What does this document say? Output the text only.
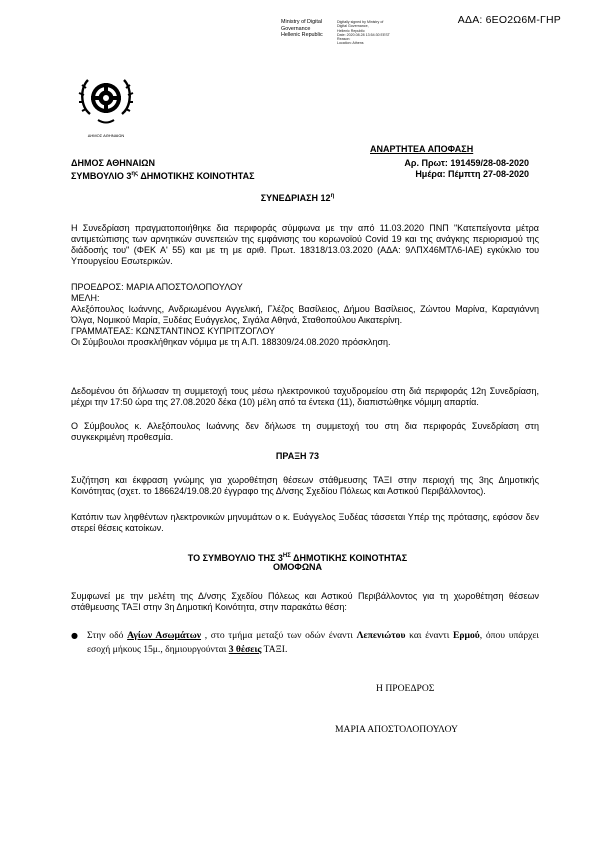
ΑΔΑ: 6ΕΟ2Ω6Μ-ΓΗΡ
Ministry of Digital
Governance
Hellenic Republic
Digitally signed by Ministry of
Digital Governance,
Hellenic Republic
Date: 2020.08.28 13:54:30 EEST
Reason:
Location: Athens
ΔΗΜΟΣ ΑΘΗΝΑΙΩΝ
ΑΝΑΡΤΗΤΕΑ ΑΠΟΦΑΣΗ
ΔΗΜΟΣ ΑΘΗΝΑΙΩΝ
ΣΥΜΒΟΥΛΙΟ $3^{\eta\varsigma}$ ΔΗΜΟΤΙΚΗΣ ΚΟΙΝΟΤΗΤΑΣ
Αρ. Πρωτ: 191459/28-08-2020
Ημέρα: Πέμπτη 27-08-2020
ΣΥΝΕΔΡΙΑΣΗ $12^\eta$
Η Συνεδρίαση πραγματοποιήθηκε δια περιφοράς σύμφωνα με την από 11.03.2020 ΠΝΠ "Κατεπείγοντα μέτρα αντιμετώπισης των αρνητικών συνεπειών της εμφάνισης του κορωνοϊού Covid 19 και της ανάγκης περιορισμού της διάδοσής του" (ΦΕΚ Α' 55) και με τη με αριθ. Πρωτ. 18318/13.03.2020 (ΑΔΑ: 9ΛΠΧ46ΜΤΛ6-ΙΑΕ) εγκύκλιο του Υπουργείου Εσωτερικών.
ΠΡΟΕΔΡΟΣ: ΜΑΡΙΑ ΑΠΟΣΤΟΛΟΠΟΥΛΟΥ
ΜΕΛΗ:
Αλεξόπουλος Ιωάννης, Ανδριωμένου Αγγελική, Γλέζος Βασίλειος, Δήμου Βασίλειος, Ζώντου Μαρίνα, Καραγιάννη Όλγα, Νομικού Μαρία, Ξυδέας Ευάγγελος, Σιγάλα Αθηνά, Σταθοπούλου Αικατερίνη.
ΓΡΑΜΜΑΤΕΑΣ: ΚΩΝΣΤΑΝΤΙΝΟΣ ΚΥΠΡΙΤΖΟΓΛΟΥ
Οι Σύμβουλοι προσκλήθηκαν νόμιμα με τη Α.Π. 188309/24.08.2020 πρόσκληση.
Δεδομένου ότι δήλωσαν τη συμμετοχή τους μέσω ηλεκτρονικού ταχυδρομείου στη διά περιφοράς 12η Συνεδρίαση, μέχρι την 17:50 ώρα της 27.08.2020 δέκα (10) μέλη από τα έντεκα (11), διαπιστώθηκε νόμιμη απαρτία.
Ο Σύμβουλος κ. Αλεξόπουλος Ιωάννης δεν δήλωσε τη συμμετοχή του στη δια περιφοράς Συνεδρίαση στη συγκεκριμένη προθεσμία.
ΠΡΑΞΗ 73
Συζήτηση και έκφραση γνώμης για χωροθέτηση θέσεων στάθμευσης ΤΑΞΙ στην περιοχή της 3ης Δημοτικής Κοινότητας (σχετ. το 186624/19.08.20 έγγραφο της Δ/νσης Σχεδίου Πόλεως και Αστικού Περιβάλλοντος).
Κατόπιν των ληφθέντων ηλεκτρονικών μηνυμάτων ο κ. Ευάγγελος Ξυδέας τάσσεται Υπέρ της πρότασης, εφόσον δεν στερεί θέσεις κατοίκων.
ΤΟ ΣΥΜΒΟΥΛΙΟ ΤΗΣ $3^{H\Sigma}$ ΔΗΜΟΤΙΚΗΣ ΚΟΙΝΟΤΗΤΑΣ
ΟΜΟΦΩΝΑ
Συμφωνεί με την μελέτη της Δ/νσης Σχεδίου Πόλεως και Αστικού Περιβάλλοντος για τη χωροθέτηση θέσεων στάθμευσης ΤΑΞΙ στην 3η Δημοτική Κοινότητα, στην παρακάτω θέση:
● Στην οδό Αγίων Ασωμάτων , στο τμήμα μεταξύ των οδών έναντι Λεπενιώτου και έναντι Ερμού, όπου υπάρχει εσοχή μήκους 15μ., δημιουργούνται 3 θέσεις ΤΑΞΙ.
Η ΠΡΟΕΔΡΟΣ
ΜΑΡΙΑ ΑΠΟΣΤΟΛΟΠΟΥΛΟΥ
